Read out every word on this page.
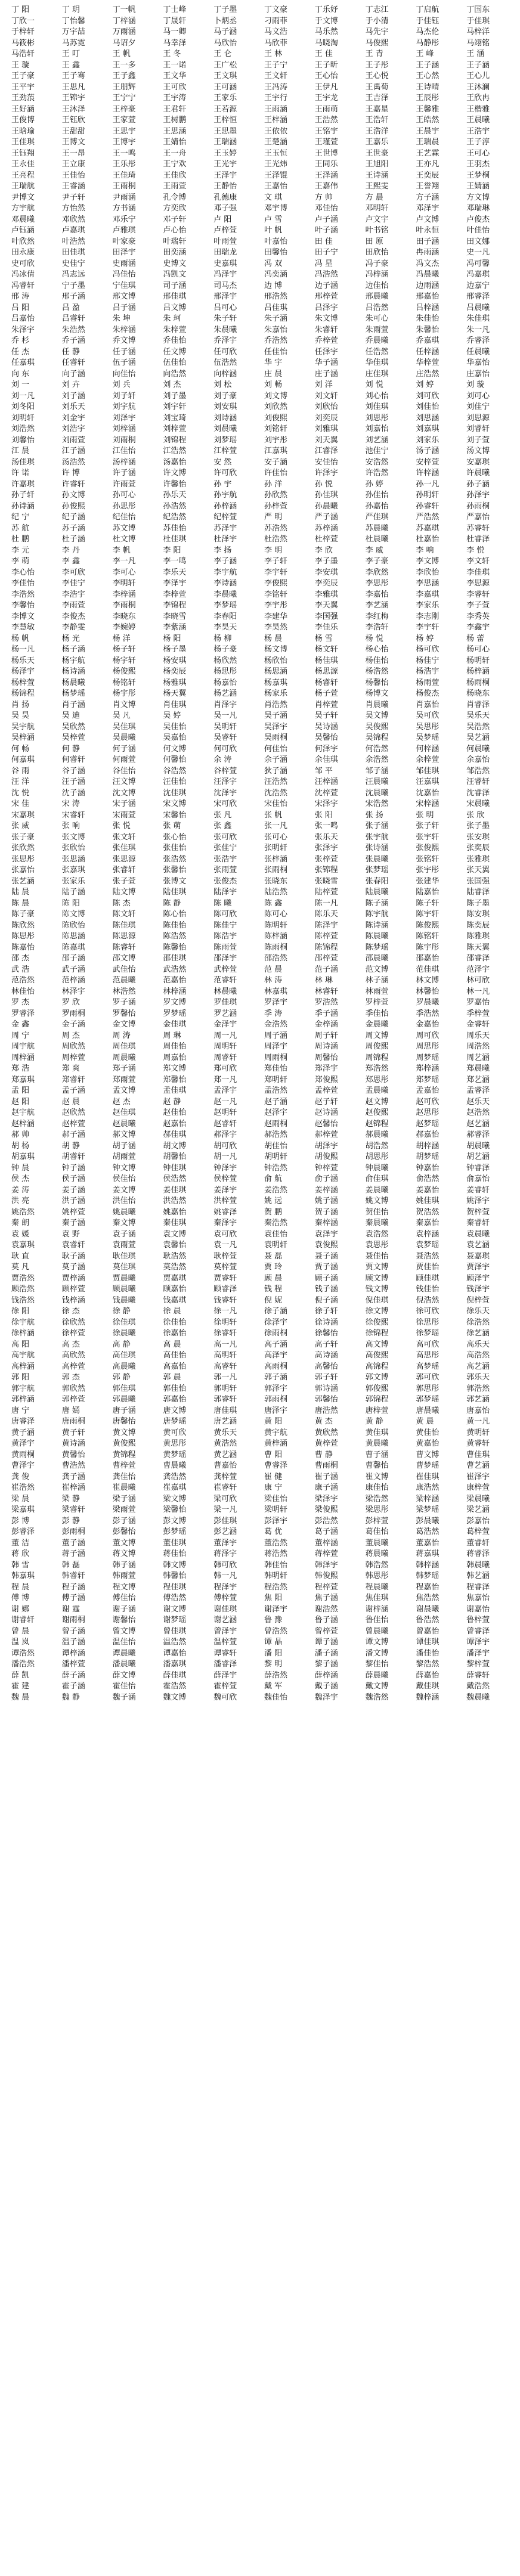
丁 阳	丁 玥	丁一帆	丁士峰	丁子墨	丁文豪	丁乐妤	丁志江	丁启航	丁国东
丁欣一	丁怡馨	丁梓涵	丁晟轩	卜炳丞	刁雨菲	于文博	于小清	于佳钰	于佳琪
于梓轩	万宇喆	万雨涵	马一卿	马子涵	马文浩	马乐然	马先宇	马杰伦	马梓洋
马筱彬	马苏霓	马诏夕	马幸泽	马欣怡	马欣菲	马晓淘	马俊熙	马静彤	马翊铭
马浩轩	王 叮	王 帆	王 冬	王 仑	王 林	王 佳	王 青	王 峰	王 涵
王 璇	王 鑫	王一多	王一诺	王广松	王子宁	王子昕	王子彤	王子涵	王子涵
王子豪	王子骞	王子鑫	王文华	王文琪	王文轩	王心怡	王心悦	王心然	王心儿
王平宇	王思凡	王朋辉	王可欣	王可涵	王冯涛	王伊凡	王禹荀	王诗晴	王沐澜
王劲蒗	王锦宇	王宁宁	王宇涛	王家乐	王宇行	王宇龙	王吉泽	王辰彤	王欣冉
王好涵	王沐泽	王梓豪	王君轩	王若源	王雨涵	王雨萌	王嘉星	王馨雅	王楷雅
王俊博	王钰欣	王家萱	王树鹏	王梓恒	王梓涵	王浩然	王浩轩	王皓然	王晨曦
王晗瑜	王甜甜	王思宇	王思涵	王思墨	王依依	王铭宇	王浩洋	王晨宇	王浩宇
王佳琪	王博文	王博宇	王婧怡	王瑞涵	王楚涵	王瑾萱	王嘉乐	王瑞晨	王子淳
王钰翔	王一昂	王一鸣	王一舟	王玉婷	王玉恒	王世博	王世豪	王艺霖	王可心
王永佳	王立康	王乐彤	王宁欢	王光宇	王光炜	王同乐	王旭阳	王亦凡	王羽杰
王亮程	王佳怡	王佳琦	王佳欣	王泽宇	王泽锟	王泽涵	王诗涵	王奕辰	王梦桐
王瑞航	王睿涵	王雨桐	王雨萱	王静怡	王嘉怡	王嘉伟	王熙雯	王誉翔	王婧涵
尹博文	尹子轩	尹雨涵	孔令博	孔德康	文 琪	方 帅	方 晨	方子涵	方文博
方宇航	方怡然	方书涵	方奕欣	邓子强	邓宇博	邓佳怡	邓明轩	邓泽宇	邓瑞琳
邓晨曦	邓欣然	邓乐宁	邓子轩	卢 阳	卢 雪	卢子涵	卢文宇	卢文博	卢俊杰
卢钰涵	卢嘉琪	卢雅琪	卢心怡	卢梓萱	叶 帆	叶子涵	叶书铭	叶永恒	叶佳怡
叶欣然	叶浩然	叶家豪	叶瑞轩	叶雨萱	叶嘉怡	田 佳	田 原	田子涵	田文娜
田永康	田佳琪	田泽宇	田奕涵	田瑞龙	田馨怡	田子宁	田欣怡	冉雨涵	史一凡
史可欣	史佳宁	史雨涵	史博文	史嘉琪	冯 双	冯 星	冯子豪	冯文杰	冯可馨
冯冰倩	冯志远	冯佳怡	冯凯文	冯泽宇	冯奕涵	冯浩然	冯梓涵	冯晨曦	冯嘉琪
冯睿轩	宁子墨	宁佳琪	司子涵	司马杰	边 博	边子涵	边佳怡	边雨涵	边嘉宁
邢 涛	邢子涵	邢文博	邢佳琪	邢泽宇	邢浩然	邢梓萱	邢晨曦	邢嘉怡	邢睿泽
吕 阳	吕 盈	吕子涵	吕文博	吕可心	吕佳琪	吕泽宇	吕浩然	吕梓涵	吕晨曦
吕嘉怡	吕睿轩	朱 坤	朱 珂	朱子轩	朱子涵	朱文博	朱可心	朱佳怡	朱佳琪
朱泽宇	朱浩然	朱梓涵	朱梓萱	朱晨曦	朱嘉怡	朱睿轩	朱雨萱	朱馨怡	朱一凡
乔 杉	乔子涵	乔文博	乔佳怡	乔泽宇	乔浩然	乔梓萱	乔晨曦	乔嘉琪	乔睿泽
任 杰	任 静	任子涵	任文博	任可欣	任佳怡	任泽宇	任浩然	任梓涵	任晨曦
任嘉琪	任睿轩	伍子涵	伍佳怡	伍浩然	华 宇	华子涵	华佳琪	华梓萱	华嘉怡
向 东	向子涵	向佳怡	向浩然	向梓涵	庄 晨	庄子涵	庄佳琪	庄浩然	庄嘉怡
刘 一	刘 卉	刘 兵	刘 杰	刘 松	刘 畅	刘 洋	刘 悦	刘 婷	刘 璇
刘一凡	刘子涵	刘子轩	刘子墨	刘子豪	刘文博	刘文轩	刘心怡	刘可欣	刘可心
刘冬阳	刘乐天	刘宇航	刘宇轩	刘安琪	刘欣然	刘欣怡	刘佳琪	刘佳怡	刘佳宁
刘明轩	刘金宇	刘泽宇	刘宝琦	刘诗涵	刘俊熙	刘奕辰	刘思彤	刘思涵	刘思源
刘浩然	刘浩宇	刘梓涵	刘梓萱	刘晨曦	刘铭轩	刘雅琪	刘嘉怡	刘嘉琪	刘睿轩
刘馨怡	刘雨萱	刘雨桐	刘锦程	刘梦瑶	刘宇彤	刘天翼	刘艺涵	刘家乐	刘子萱
江 晨	江子涵	江佳怡	江浩然	江梓萱	江嘉琪	江睿泽	池佳宁	汤子涵	汤文博
汤佳琪	汤浩然	汤梓涵	汤嘉怡	安 然	安子涵	安佳怡	安浩然	安梓萱	安嘉琪
许 诺	许 博	许子涵	许文博	许可欣	许佳怡	许泽宇	许浩然	许梓涵	许晨曦
许嘉琪	许睿轩	许雨萱	许馨怡	孙 宇	孙 洋	孙 悦	孙 婷	孙一凡	孙子涵
孙子轩	孙文博	孙可心	孙乐天	孙宇航	孙欣然	孙佳琪	孙佳怡	孙明轩	孙泽宇
孙诗涵	孙俊熙	孙思彤	孙浩然	孙梓涵	孙梓萱	孙晨曦	孙嘉怡	孙睿轩	孙雨桐
纪 宁	纪子涵	纪佳怡	纪浩然	纪梓萱	严 明	严子涵	严佳琪	严浩然	严嘉怡
苏 航	苏子涵	苏文博	苏佳怡	苏泽宇	苏浩然	苏梓涵	苏晨曦	苏嘉琪	苏睿轩
杜 鹏	杜子涵	杜文博	杜佳琪	杜泽宇	杜浩然	杜梓萱	杜晨曦	杜嘉怡	杜睿泽
李 元	李 丹	李 帆	李 阳	李 扬	李 明	李 欣	李 威	李 响	李 悦
李 萌	李 鑫	李一凡	李一鸣	李子涵	李子轩	李子墨	李子豪	李文博	李文轩
李心怡	李可欣	李可心	李乐天	李宇航	李宇轩	李安琪	李欣然	李欣怡	李佳琪
李佳怡	李佳宁	李明轩	李泽宇	李诗涵	李俊熙	李奕辰	李思彤	李思涵	李思源
李浩然	李浩宇	李梓涵	李梓萱	李晨曦	李铭轩	李雅琪	李嘉怡	李嘉琪	李睿轩
李馨怡	李雨萱	李雨桐	李锦程	李梦瑶	李宇彤	李天翼	李艺涵	李家乐	李子萱
李博文	李俊杰	李晓东	李晓雪	李春阳	李建华	李国强	李红梅	李志刚	李秀英
李慧敏	李静雯	李婉婷	李紫涵	李昊天	李昊然	李佳乐	李浩轩	李宇轩	李鑫宇
杨 帆	杨 光	杨 洋	杨 阳	杨 柳	杨 晨	杨 雪	杨 悦	杨 婷	杨 蕾
杨一凡	杨子涵	杨子轩	杨子墨	杨子豪	杨文博	杨文轩	杨心怡	杨可欣	杨可心
杨乐天	杨宇航	杨宇轩	杨安琪	杨欣然	杨欣怡	杨佳琪	杨佳怡	杨佳宁	杨明轩
杨泽宇	杨诗涵	杨俊熙	杨奕辰	杨思彤	杨思涵	杨思源	杨浩然	杨浩宇	杨梓涵
杨梓萱	杨晨曦	杨铭轩	杨雅琪	杨嘉怡	杨嘉琪	杨睿轩	杨馨怡	杨雨萱	杨雨桐
杨锦程	杨梦瑶	杨宇彤	杨天翼	杨艺涵	杨家乐	杨子萱	杨博文	杨俊杰	杨晓东
肖 扬	肖子涵	肖文博	肖佳琪	肖泽宇	肖浩然	肖梓萱	肖晨曦	肖嘉怡	肖睿泽
吴 昊	吴 迪	吴 凡	吴 婷	吴一凡	吴子涵	吴子轩	吴文博	吴可欣	吴乐天
吴宇航	吴欣然	吴佳琪	吴佳怡	吴明轩	吴泽宇	吴诗涵	吴俊熙	吴思彤	吴浩然
吴梓涵	吴梓萱	吴晨曦	吴嘉怡	吴睿轩	吴雨桐	吴馨怡	吴锦程	吴梦瑶	吴艺涵
何 畅	何 静	何子涵	何文博	何可欣	何佳怡	何泽宇	何浩然	何梓涵	何晨曦
何嘉琪	何睿轩	何雨萱	何馨怡	余 涛	余子涵	余佳琪	余浩然	余梓萱	余嘉怡
谷 雨	谷子涵	谷佳怡	谷浩然	谷梓萱	狄子涵	邹 平	邹子涵	邹佳琪	邹浩然
汪 洋	汪子涵	汪文博	汪佳怡	汪泽宇	汪浩然	汪梓涵	汪晨曦	汪嘉琪	汪睿轩
沈 悦	沈子涵	沈文博	沈佳琪	沈泽宇	沈浩然	沈梓萱	沈晨曦	沈嘉怡	沈睿泽
宋 佳	宋 涛	宋子涵	宋文博	宋可欣	宋佳怡	宋泽宇	宋浩然	宋梓涵	宋晨曦
宋嘉琪	宋睿轩	宋雨萱	宋馨怡	张 凡	张 帆	张 阳	张 扬	张 明	张 欣
张 威	张 响	张 悦	张 萌	张 鑫	张一凡	张一鸣	张子涵	张子轩	张子墨
张子豪	张文博	张文轩	张心怡	张可欣	张可心	张乐天	张宇航	张宇轩	张安琪
张欣然	张欣怡	张佳琪	张佳怡	张佳宁	张明轩	张泽宇	张诗涵	张俊熙	张奕辰
张思彤	张思涵	张思源	张浩然	张浩宇	张梓涵	张梓萱	张晨曦	张铭轩	张雅琪
张嘉怡	张嘉琪	张睿轩	张馨怡	张雨萱	张雨桐	张锦程	张梦瑶	张宇彤	张天翼
张艺涵	张家乐	张子萱	张博文	张俊杰	张晓东	张晓雪	张春阳	张建华	张国强
陆 晨	陆子涵	陆文博	陆佳琪	陆泽宇	陆浩然	陆梓萱	陆晨曦	陆嘉怡	陆睿泽
陈 晨	陈 阳	陈 杰	陈 静	陈 曦	陈 鑫	陈一凡	陈子涵	陈子轩	陈子墨
陈子豪	陈文博	陈文轩	陈心怡	陈可欣	陈可心	陈乐天	陈宇航	陈宇轩	陈安琪
陈欣然	陈欣怡	陈佳琪	陈佳怡	陈佳宁	陈明轩	陈泽宇	陈诗涵	陈俊熙	陈奕辰
陈思彤	陈思涵	陈思源	陈浩然	陈浩宇	陈梓涵	陈梓萱	陈晨曦	陈铭轩	陈雅琪
陈嘉怡	陈嘉琪	陈睿轩	陈馨怡	陈雨萱	陈雨桐	陈锦程	陈梦瑶	陈宇彤	陈天翼
邵 杰	邵子涵	邵文博	邵佳琪	邵泽宇	邵浩然	邵梓萱	邵晨曦	邵嘉怡	邵睿泽
武 浩	武子涵	武佳怡	武浩然	武梓萱	范 晨	范子涵	范文博	范佳琪	范泽宇
范浩然	范梓涵	范晨曦	范嘉怡	范睿轩	林 涛	林 琳	林子涵	林文博	林可欣
林佳怡	林泽宇	林浩然	林梓涵	林晨曦	林嘉琪	林睿轩	林雨萱	林馨怡	林一凡
罗 杰	罗 欣	罗子涵	罗文博	罗佳琪	罗泽宇	罗浩然	罗梓萱	罗晨曦	罗嘉怡
罗睿泽	罗雨桐	罗馨怡	罗梦瑶	罗艺涵	季 涛	季子涵	季佳怡	季浩然	季梓萱
金 鑫	金子涵	金文博	金佳琪	金泽宇	金浩然	金梓涵	金晨曦	金嘉怡	金睿轩
周 宁	周 杰	周 涛	周 琳	周一凡	周子涵	周子轩	周文博	周可欣	周乐天
周宇航	周欣然	周佳琪	周佳怡	周明轩	周泽宇	周诗涵	周俊熙	周思彤	周浩然
周梓涵	周梓萱	周晨曦	周嘉怡	周睿轩	周雨桐	周馨怡	周锦程	周梦瑶	周艺涵
郑 浩	郑 爽	郑子涵	郑文博	郑可欣	郑佳怡	郑泽宇	郑浩然	郑梓涵	郑晨曦
郑嘉琪	郑睿轩	郑雨萱	郑馨怡	郑一凡	郑明轩	郑俊熙	郑思彤	郑梦瑶	郑艺涵
孟 阳	孟子涵	孟文博	孟佳琪	孟泽宇	孟浩然	孟梓萱	孟晨曦	孟嘉怡	孟睿泽
赵 阳	赵 晨	赵 杰	赵 静	赵一凡	赵子涵	赵子轩	赵文博	赵可欣	赵乐天
赵宇航	赵欣然	赵佳琪	赵佳怡	赵明轩	赵泽宇	赵诗涵	赵俊熙	赵思彤	赵浩然
赵梓涵	赵梓萱	赵晨曦	赵嘉怡	赵睿轩	赵雨桐	赵馨怡	赵锦程	赵梦瑶	赵艺涵
郝 帅	郝子涵	郝文博	郝佳琪	郝泽宇	郝浩然	郝梓萱	郝晨曦	郝嘉怡	郝睿泽
胡 杨	胡 静	胡子涵	胡文博	胡可欣	胡佳怡	胡泽宇	胡浩然	胡梓涵	胡晨曦
胡嘉琪	胡睿轩	胡雨萱	胡馨怡	胡一凡	胡明轩	胡俊熙	胡思彤	胡梦瑶	胡艺涵
钟 晨	钟子涵	钟文博	钟佳琪	钟泽宇	钟浩然	钟梓萱	钟晨曦	钟嘉怡	钟睿泽
侯 杰	侯子涵	侯佳怡	侯浩然	侯梓萱	俞 航	俞子涵	俞佳琪	俞浩然	俞嘉怡
姜 涛	姜子涵	姜文博	姜佳琪	姜泽宇	姜浩然	姜梓涵	姜晨曦	姜嘉怡	姜睿轩
洪 亮	洪子涵	洪佳怡	洪浩然	洪梓萱	姚 远	姚子涵	姚文博	姚佳琪	姚泽宇
姚浩然	姚梓萱	姚晨曦	姚嘉怡	姚睿泽	贺 鹏	贺子涵	贺佳怡	贺浩然	贺梓萱
秦 朗	秦子涵	秦文博	秦佳琪	秦泽宇	秦浩然	秦梓涵	秦晨曦	秦嘉怡	秦睿轩
袁 媛	袁 野	袁子涵	袁文博	袁可欣	袁佳怡	袁泽宇	袁浩然	袁梓涵	袁晨曦
袁嘉琪	袁睿轩	袁雨萱	袁馨怡	袁一凡	袁明轩	袁俊熙	袁思彤	袁梦瑶	袁艺涵
耿 直	耿子涵	耿佳琪	耿浩然	耿梓萱	聂 磊	聂子涵	聂佳怡	聂浩然	聂嘉琪
莫 凡	莫子涵	莫佳琪	莫浩然	莫梓萱	贾 玲	贾子涵	贾文博	贾佳怡	贾泽宇
贾浩然	贾梓涵	贾晨曦	贾嘉琪	贾睿轩	顾 晨	顾子涵	顾文博	顾佳琪	顾泽宇
顾浩然	顾梓萱	顾晨曦	顾嘉怡	顾睿泽	钱 程	钱子涵	钱文博	钱佳怡	钱泽宇
钱浩然	钱梓涵	钱晨曦	钱嘉琪	钱睿轩	倪 妮	倪子涵	倪佳琪	倪浩然	倪梓萱
徐 阳	徐 杰	徐 静	徐 晨	徐一凡	徐子涵	徐子轩	徐文博	徐可欣	徐乐天
徐宇航	徐欣然	徐佳琪	徐佳怡	徐明轩	徐泽宇	徐诗涵	徐俊熙	徐思彤	徐浩然
徐梓涵	徐梓萱	徐晨曦	徐嘉怡	徐睿轩	徐雨桐	徐馨怡	徐锦程	徐梦瑶	徐艺涵
高 阳	高 杰	高 静	高 晨	高一凡	高子涵	高子轩	高文博	高可欣	高乐天
高宇航	高欣然	高佳琪	高佳怡	高明轩	高泽宇	高诗涵	高俊熙	高思彤	高浩然
高梓涵	高梓萱	高晨曦	高嘉怡	高睿轩	高雨桐	高馨怡	高锦程	高梦瑶	高艺涵
郭 阳	郭 杰	郭 静	郭 晨	郭一凡	郭子涵	郭子轩	郭文博	郭可欣	郭乐天
郭宇航	郭欣然	郭佳琪	郭佳怡	郭明轩	郭泽宇	郭诗涵	郭俊熙	郭思彤	郭浩然
郭梓涵	郭梓萱	郭晨曦	郭嘉怡	郭睿轩	郭雨桐	郭馨怡	郭锦程	郭梦瑶	郭艺涵
唐 宁	唐 嫣	唐子涵	唐文博	唐佳琪	唐泽宇	唐浩然	唐梓萱	唐晨曦	唐嘉怡
唐睿泽	唐雨桐	唐馨怡	唐梦瑶	唐艺涵	黄 阳	黄 杰	黄 静	黄 晨	黄一凡
黄子涵	黄子轩	黄文博	黄可欣	黄乐天	黄宇航	黄欣然	黄佳琪	黄佳怡	黄明轩
黄泽宇	黄诗涵	黄俊熙	黄思彤	黄浩然	黄梓涵	黄梓萱	黄晨曦	黄嘉怡	黄睿轩
黄雨桐	黄馨怡	黄锦程	黄梦瑶	黄艺涵	曹 阳	曹 静	曹子涵	曹文博	曹佳琪
曹泽宇	曹浩然	曹梓萱	曹晨曦	曹嘉怡	曹睿泽	曹雨桐	曹馨怡	曹梦瑶	曹艺涵
龚 俊	龚子涵	龚佳怡	龚浩然	龚梓萱	崔 健	崔子涵	崔文博	崔佳琪	崔泽宇
崔浩然	崔梓涵	崔晨曦	崔嘉琪	崔睿轩	康 宁	康子涵	康佳怡	康浩然	康梓萱
梁 晨	梁 静	梁子涵	梁文博	梁可欣	梁佳怡	梁泽宇	梁浩然	梁梓涵	梁晨曦
梁嘉琪	梁睿轩	梁雨萱	梁馨怡	梁一凡	梁明轩	梁俊熙	梁思彤	梁梦瑶	梁艺涵
彭 博	彭 静	彭子涵	彭文博	彭佳琪	彭泽宇	彭浩然	彭梓萱	彭晨曦	彭嘉怡
彭睿泽	彭雨桐	彭馨怡	彭梦瑶	彭艺涵	葛 优	葛子涵	葛佳怡	葛浩然	葛梓萱
董 洁	董子涵	董文博	董佳琪	董泽宇	董浩然	董梓涵	董晨曦	董嘉怡	董睿轩
蒋 欣	蒋子涵	蒋文博	蒋佳怡	蒋泽宇	蒋浩然	蒋梓萱	蒋晨曦	蒋嘉琪	蒋睿泽
韩 雪	韩 磊	韩子涵	韩文博	韩可欣	韩佳怡	韩泽宇	韩浩然	韩梓涵	韩晨曦
韩嘉琪	韩睿轩	韩雨萱	韩馨怡	韩一凡	韩明轩	韩俊熙	韩思彤	韩梦瑶	韩艺涵
程 晨	程子涵	程文博	程佳琪	程泽宇	程浩然	程梓萱	程晨曦	程嘉怡	程睿泽
傅 博	傅子涵	傅佳怡	傅浩然	傅梓萱	焦 阳	焦子涵	焦佳琪	焦浩然	焦嘉怡
谢 娜	谢 霆	谢子涵	谢文博	谢佳琪	谢泽宇	谢浩然	谢梓涵	谢晨曦	谢嘉怡
谢睿轩	谢雨桐	谢馨怡	谢梦瑶	谢艺涵	鲁 豫	鲁子涵	鲁佳怡	鲁浩然	鲁梓萱
曾 晨	曾子涵	曾文博	曾佳琪	曾泽宇	曾浩然	曾梓萱	曾晨曦	曾嘉怡	曾睿泽
温 岚	温子涵	温佳怡	温浩然	温梓萱	谭 晶	谭子涵	谭文博	谭佳琪	谭泽宇
谭浩然	谭梓涵	谭晨曦	谭嘉怡	谭睿轩	潘 阳	潘子涵	潘文博	潘佳怡	潘泽宇
潘浩然	潘梓萱	潘晨曦	潘嘉琪	潘睿泽	黎 明	黎子涵	黎佳怡	黎浩然	黎梓萱
薛 凯	薛子涵	薛文博	薛佳琪	薛泽宇	薛浩然	薛梓涵	薛晨曦	薛嘉怡	薛睿轩
霍 建	霍子涵	霍佳怡	霍浩然	霍梓萱	戴 军	戴子涵	戴文博	戴佳琪	戴浩然
魏 晨	魏 静	魏子涵	魏文博	魏可欣	魏佳怡	魏泽宇	魏浩然	魏梓涵	魏晨曦
